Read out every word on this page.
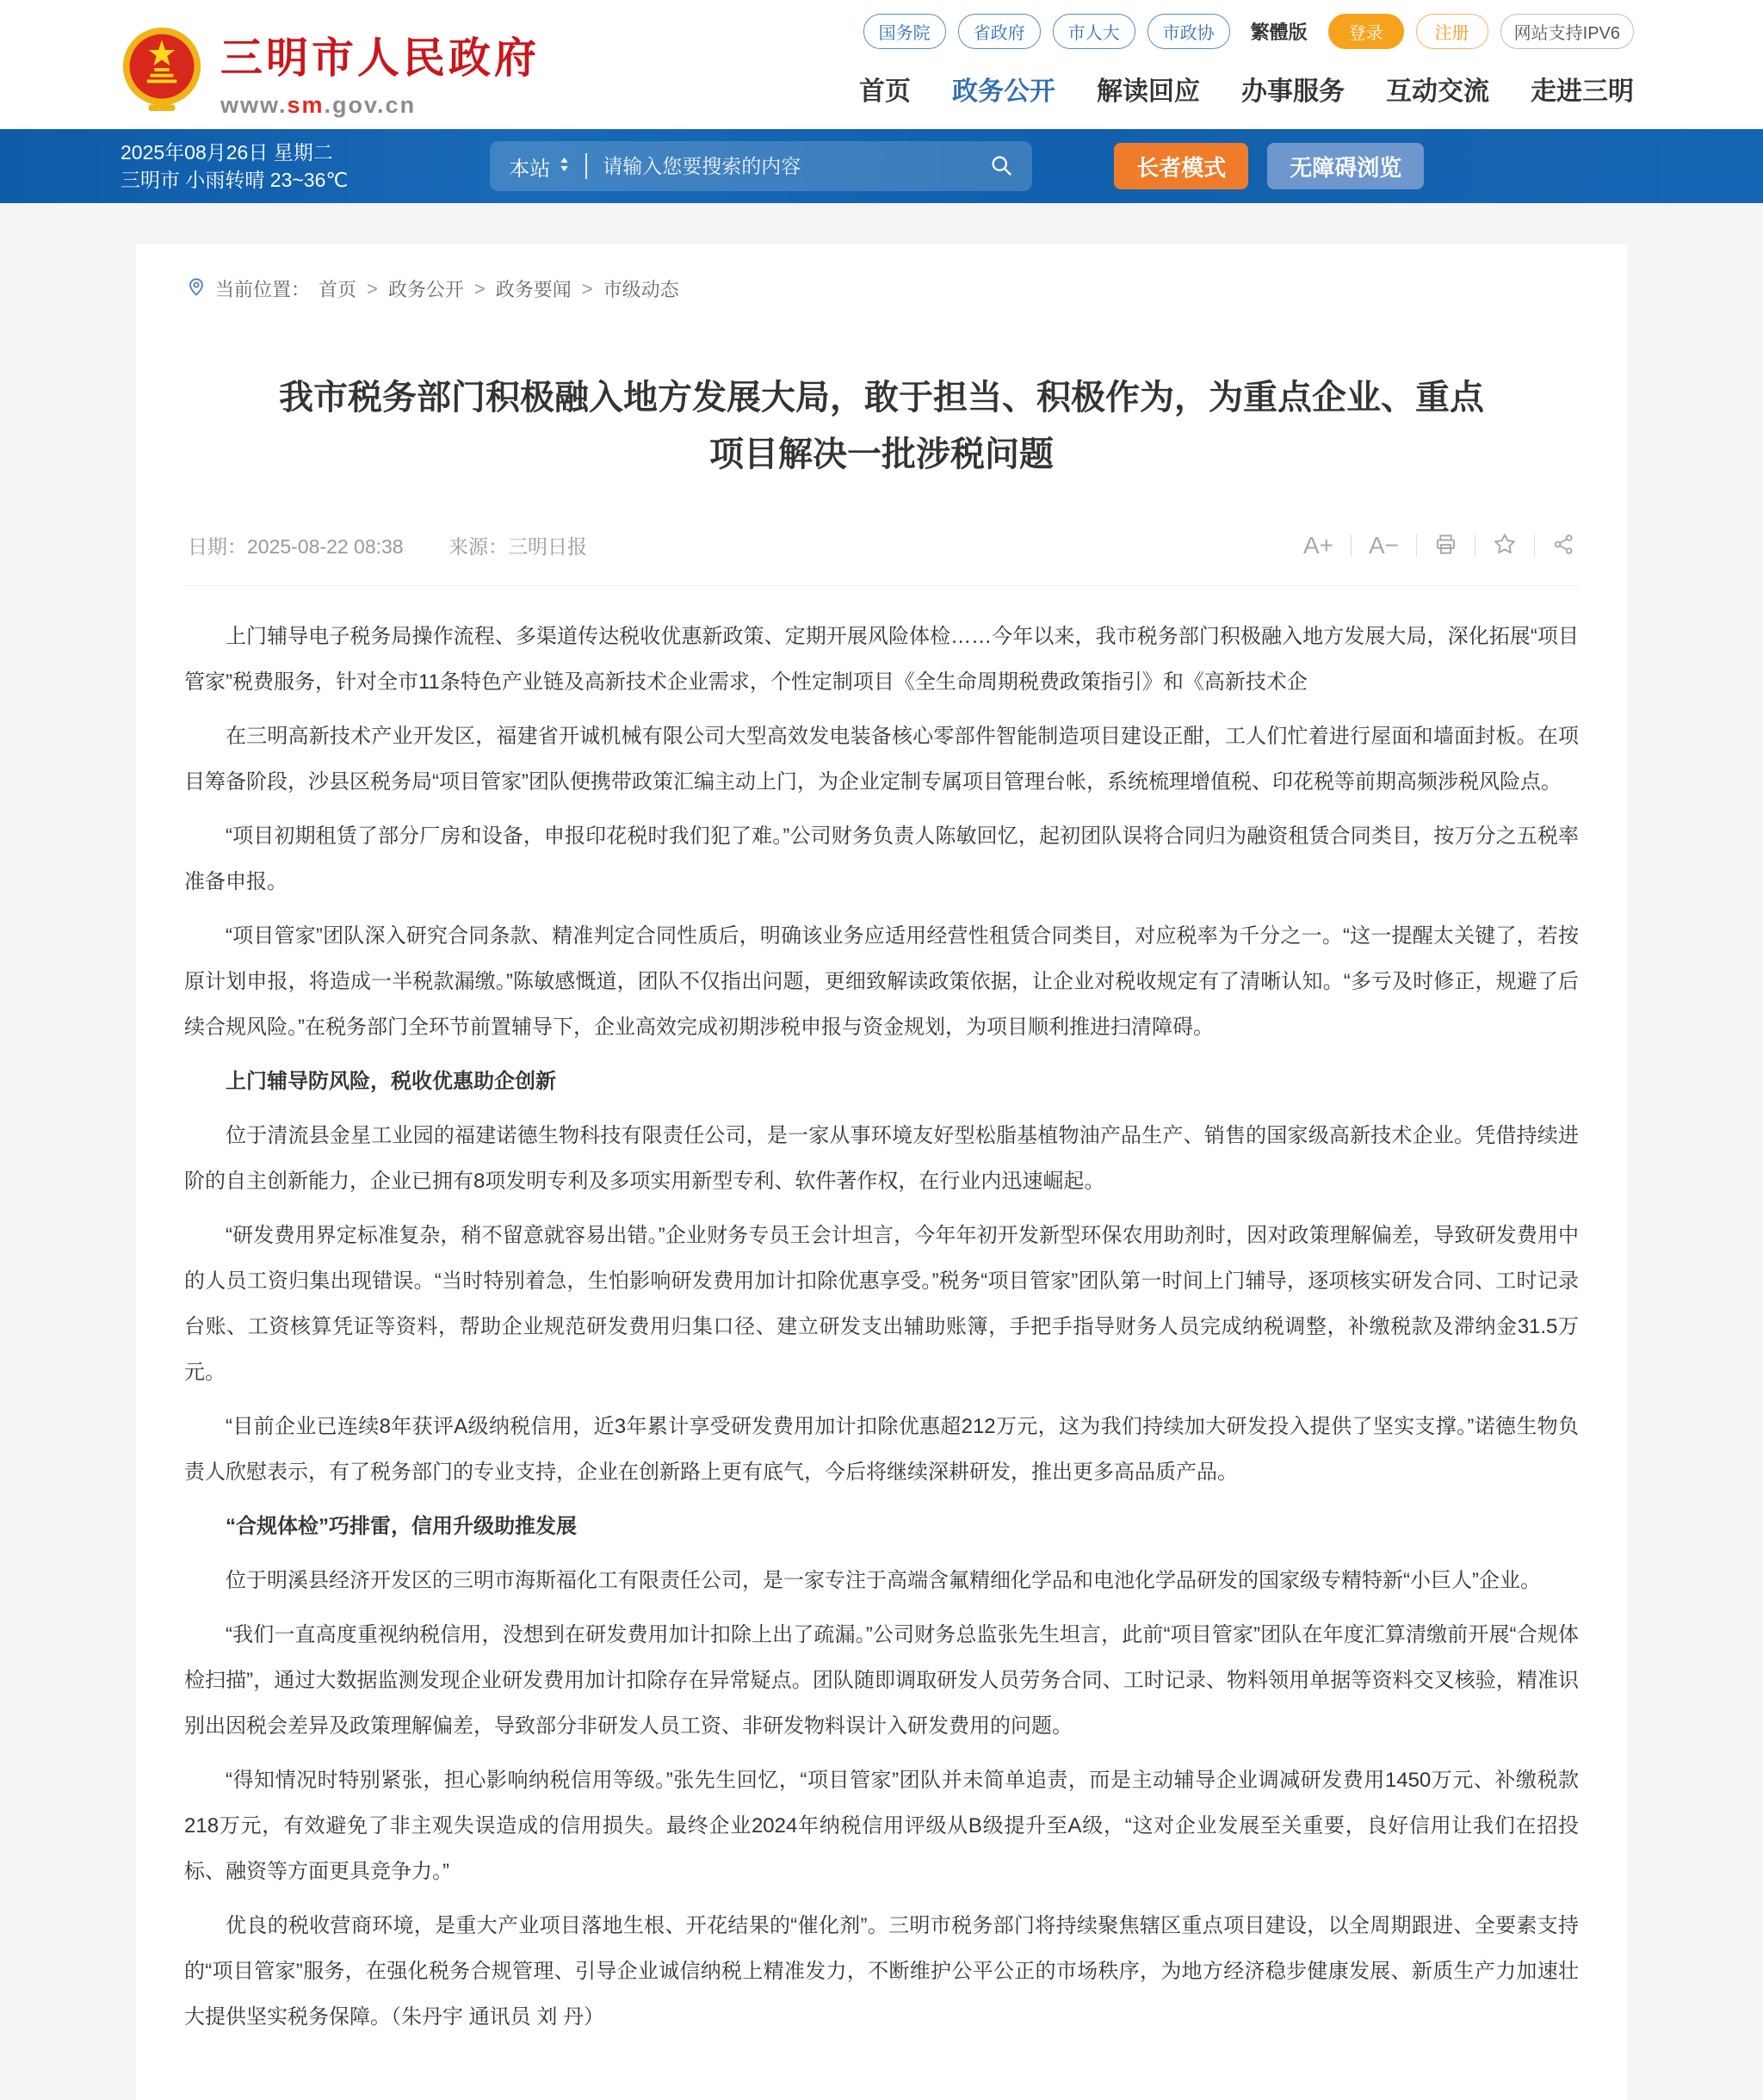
三明市人民政府
www.sm.gov.cn
国务院	省政府	市人大	市政协	繁體版	登录	注册	网站支持IPV6
首页 政务公开 解读回应 办事服务 互动交流 走进三明
2025年08月26日 星期二
三明市 小雨转晴 23~36℃	本站
请输入您要搜索的内容	长者模式	无障碍浏览
当前位置： 首页 > 政务公开 > 政务要闻 > 市级动态
我市税务部门积极融入地方发展大局，敢于担当、积极作为，为重点企业、重点项目解决一批涉税问题
日期：2025-08-22 08:38 来源：三明日报	A+ A−
上门辅导电子税务局操作流程、多渠道传达税收优惠新政策、定期开展风险体检……今年以来，我市税务部门积极融入地方发展大局，深化拓展“项目管家”税费服务，针对全市11条特色产业链及高新技术企业需求，个性定制项目《全生命周期税费政策指引》和《高新技术企
在三明高新技术产业开发区，福建省开诚机械有限公司大型高效发电装备核心零部件智能制造项目建设正酣，工人们忙着进行屋面和墙面封板。在项目筹备阶段，沙县区税务局“项目管家”团队便携带政策汇编主动上门，为企业定制专属项目管理台帐，系统梳理增值税、印花税等前期高频涉税风险点。
“项目初期租赁了部分厂房和设备，申报印花税时我们犯了难。”公司财务负责人陈敏回忆，起初团队误将合同归为融资租赁合同类目，按万分之五税率准备申报。
“项目管家”团队深入研究合同条款、精准判定合同性质后，明确该业务应适用经营性租赁合同类目，对应税率为千分之一。“这一提醒太关键了，若按原计划申报，将造成一半税款漏缴。”陈敏感慨道，团队不仅指出问题，更细致解读政策依据，让企业对税收规定有了清晰认知。“多亏及时修正，规避了后续合规风险。”在税务部门全环节前置辅导下，企业高效完成初期涉税申报与资金规划，为项目顺利推进扫清障碍。
上门辅导防风险，税收优惠助企创新
位于清流县金星工业园的福建诺德生物科技有限责任公司，是一家从事环境友好型松脂基植物油产品生产、销售的国家级高新技术企业。凭借持续进阶的自主创新能力，企业已拥有8项发明专利及多项实用新型专利、软件著作权，在行业内迅速崛起。
“研发费用界定标准复杂，稍不留意就容易出错。”企业财务专员王会计坦言，今年年初开发新型环保农用助剂时，因对政策理解偏差，导致研发费用中的人员工资归集出现错误。“当时特别着急，生怕影响研发费用加计扣除优惠享受。”税务“项目管家”团队第一时间上门辅导，逐项核实研发合同、工时记录台账、工资核算凭证等资料，帮助企业规范研发费用归集口径、建立研发支出辅助账簿，手把手指导财务人员完成纳税调整，补缴税款及滞纳金31.5万元。
“目前企业已连续8年获评A级纳税信用，近3年累计享受研发费用加计扣除优惠超212万元，这为我们持续加大研发投入提供了坚实支撑。”诺德生物负责人欣慰表示，有了税务部门的专业支持，企业在创新路上更有底气，今后将继续深耕研发，推出更多高品质产品。
“合规体检”巧排雷，信用升级助推发展
位于明溪县经济开发区的三明市海斯福化工有限责任公司，是一家专注于高端含氟精细化学品和电池化学品研发的国家级专精特新“小巨人”企业。
“我们一直高度重视纳税信用，没想到在研发费用加计扣除上出了疏漏。”公司财务总监张先生坦言，此前“项目管家”团队在年度汇算清缴前开展“合规体检扫描”，通过大数据监测发现企业研发费用加计扣除存在异常疑点。团队随即调取研发人员劳务合同、工时记录、物料领用单据等资料交叉核验，精准识别出因税会差异及政策理解偏差，导致部分非研发人员工资、非研发物料误计入研发费用的问题。
“得知情况时特别紧张，担心影响纳税信用等级。”张先生回忆，“项目管家”团队并未简单追责，而是主动辅导企业调减研发费用1450万元、补缴税款218万元，有效避免了非主观失误造成的信用损失。最终企业2024年纳税信用评级从B级提升至A级，“这对企业发展至关重要，良好信用让我们在招投标、融资等方面更具竞争力。”
优良的税收营商环境，是重大产业项目落地生根、开花结果的“催化剂”。三明市税务部门将持续聚焦辖区重点项目建设，以全周期跟进、全要素支持的“项目管家”服务，在强化税务合规管理、引导企业诚信纳税上精准发力，不断维护公平公正的市场秩序，为地方经济稳步健康发展、新质生产力加速壮大提供坚实税务保障。（朱丹宇 通讯员 刘 丹）
